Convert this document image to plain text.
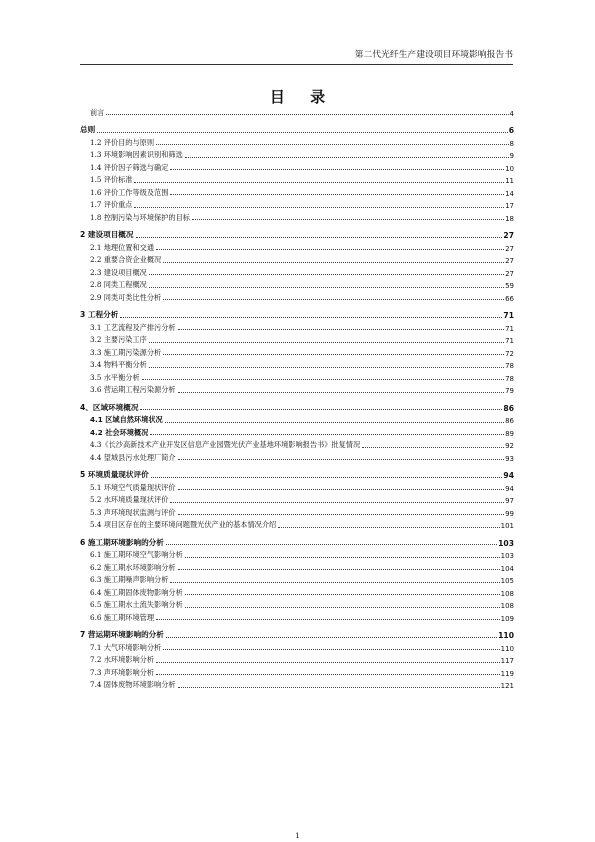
第二代光纤生产建设项目环境影响报告书
目 录
前言	4
总则	6
1.2 评价目的与原则	8
1.3 环境影响因素识别和筛选	9
1.4 评价因子筛选与确定	10
1.5 评价标准	11
1.6 评价工作等级及范围	14
1.7 评价重点	17
1.8 控制污染与环境保护的目标	18
2 建设项目概况	27
2.1 地理位置和交通	27
2.2 重要合资企业概况	27
2.3 建设项目概况	27
2.8 同类工程概况	59
2.9 同类可类比性分析	66
3 工程分析	71
3.1 工艺流程及产排污分析	71
3.2 主要污染工序	71
3.3 施工期污染源分析	72
3.4 物料平衡分析	78
3.5 水平衡分析	78
3.6 营运期工程污染源分析	79
4、区域环境概况	86
4.1 区域自然环境状况	86
4.2 社会环境概况	89
4.3《长沙高新技术产业开发区信息产业园暨光伏产业基地环境影响报告书》批复情况	92
4.4 望城县污水处理厂简介	93
5 环境质量现状评价	94
5.1 环境空气质量现状评价	94
5.2 水环境质量现状评价	97
5.3 声环境现状监测与评价	99
5.4 项目区存在的主要环境问题暨光伏产业的基本情况介绍	101
6 施工期环境影响的分析	103
6.1 施工期环境空气影响分析	103
6.2 施工期水环境影响分析	104
6.3 施工期噪声影响分析	105
6.4 施工期固体废物影响分析	108
6.5 施工期水土流失影响分析	108
6.6 施工期环境管理	109
7 营运期环境影响的分析	110
7.1 大气环境影响分析	110
7.2 水环境影响分析	117
7.3 声环境影响分析	119
7.4 固体废物环境影响分析	121
1
